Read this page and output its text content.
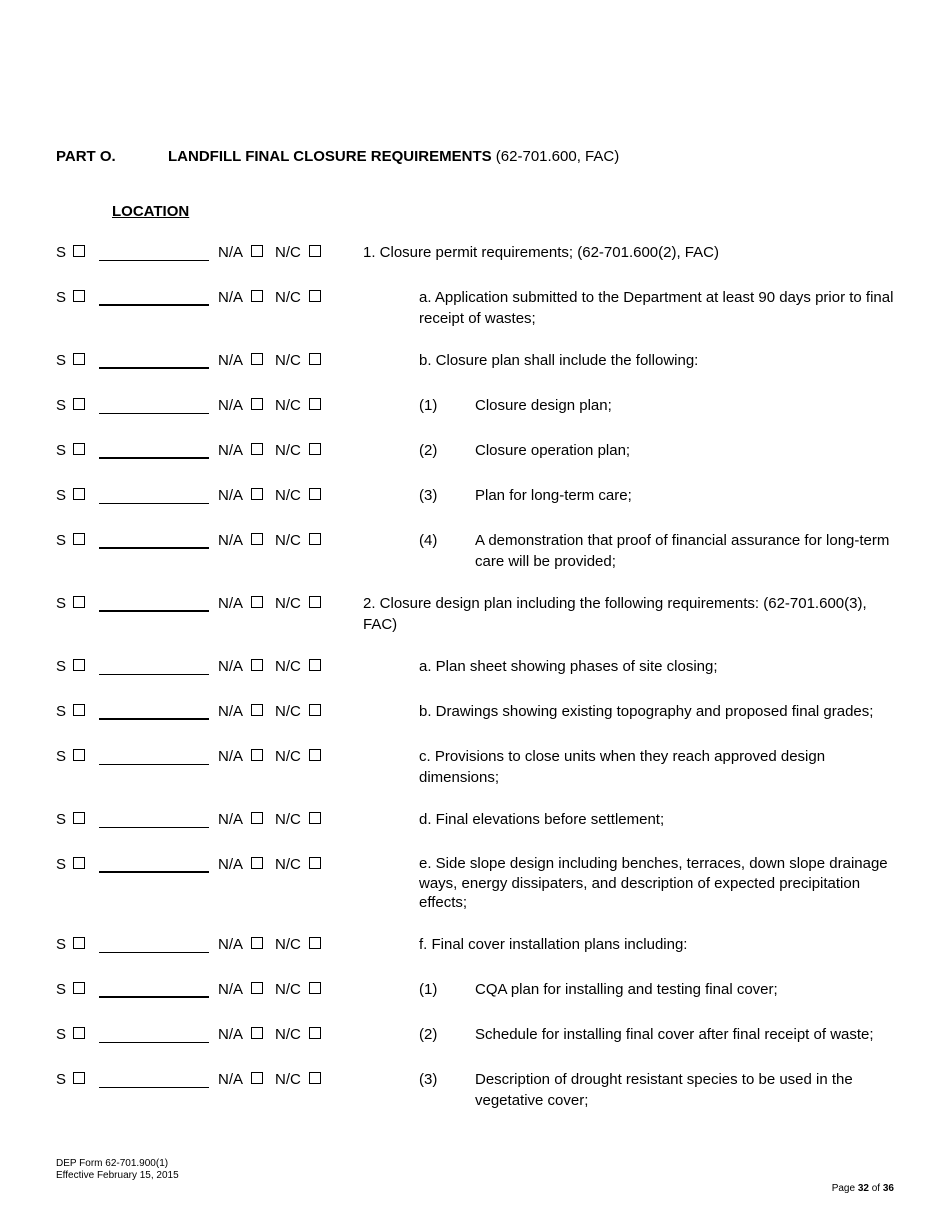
PART O.	LANDFILL FINAL CLOSURE REQUIREMENTS (62-701.600, FAC)
LOCATION
S	N/A N/C	1. Closure permit requirements; (62-701.600(2), FAC)
S	N/A N/C	a. Application submitted to the Department at least 90 days prior to final receipt of wastes;
S	N/A N/C	b. Closure plan shall include the following:
S	N/A N/C	(1)	Closure design plan;
S	N/A N/C	(2)	Closure operation plan;
S	N/A N/C	(3)	Plan for long-term care;
S	N/A N/C	(4)	A demonstration that proof of financial assurance for long-term care will be provided;
S	N/A N/C	2. Closure design plan including the following requirements: (62-701.600(3), FAC)
S	N/A N/C	a. Plan sheet showing phases of site closing;
S	N/A N/C	b. Drawings showing existing topography and proposed final grades;
S	N/A N/C	c. Provisions to close units when they reach approved design dimensions;
S	N/A N/C	d. Final elevations before settlement;
S	N/A N/C	e. Side slope design including benches, terraces, down slope drainage ways, energy dissipaters, and description of expected precipitation effects;
S	N/A N/C	f. Final cover installation plans including:
S	N/A N/C	(1)	CQA plan for installing and testing final cover;
S	N/A N/C	(2)	Schedule for installing final cover after final receipt of waste;
S	N/A N/C	(3)	Description of drought resistant species to be used in the vegetative cover;
DEP Form 62-701.900(1)
Effective February 15, 2015
Page 32 of 36
